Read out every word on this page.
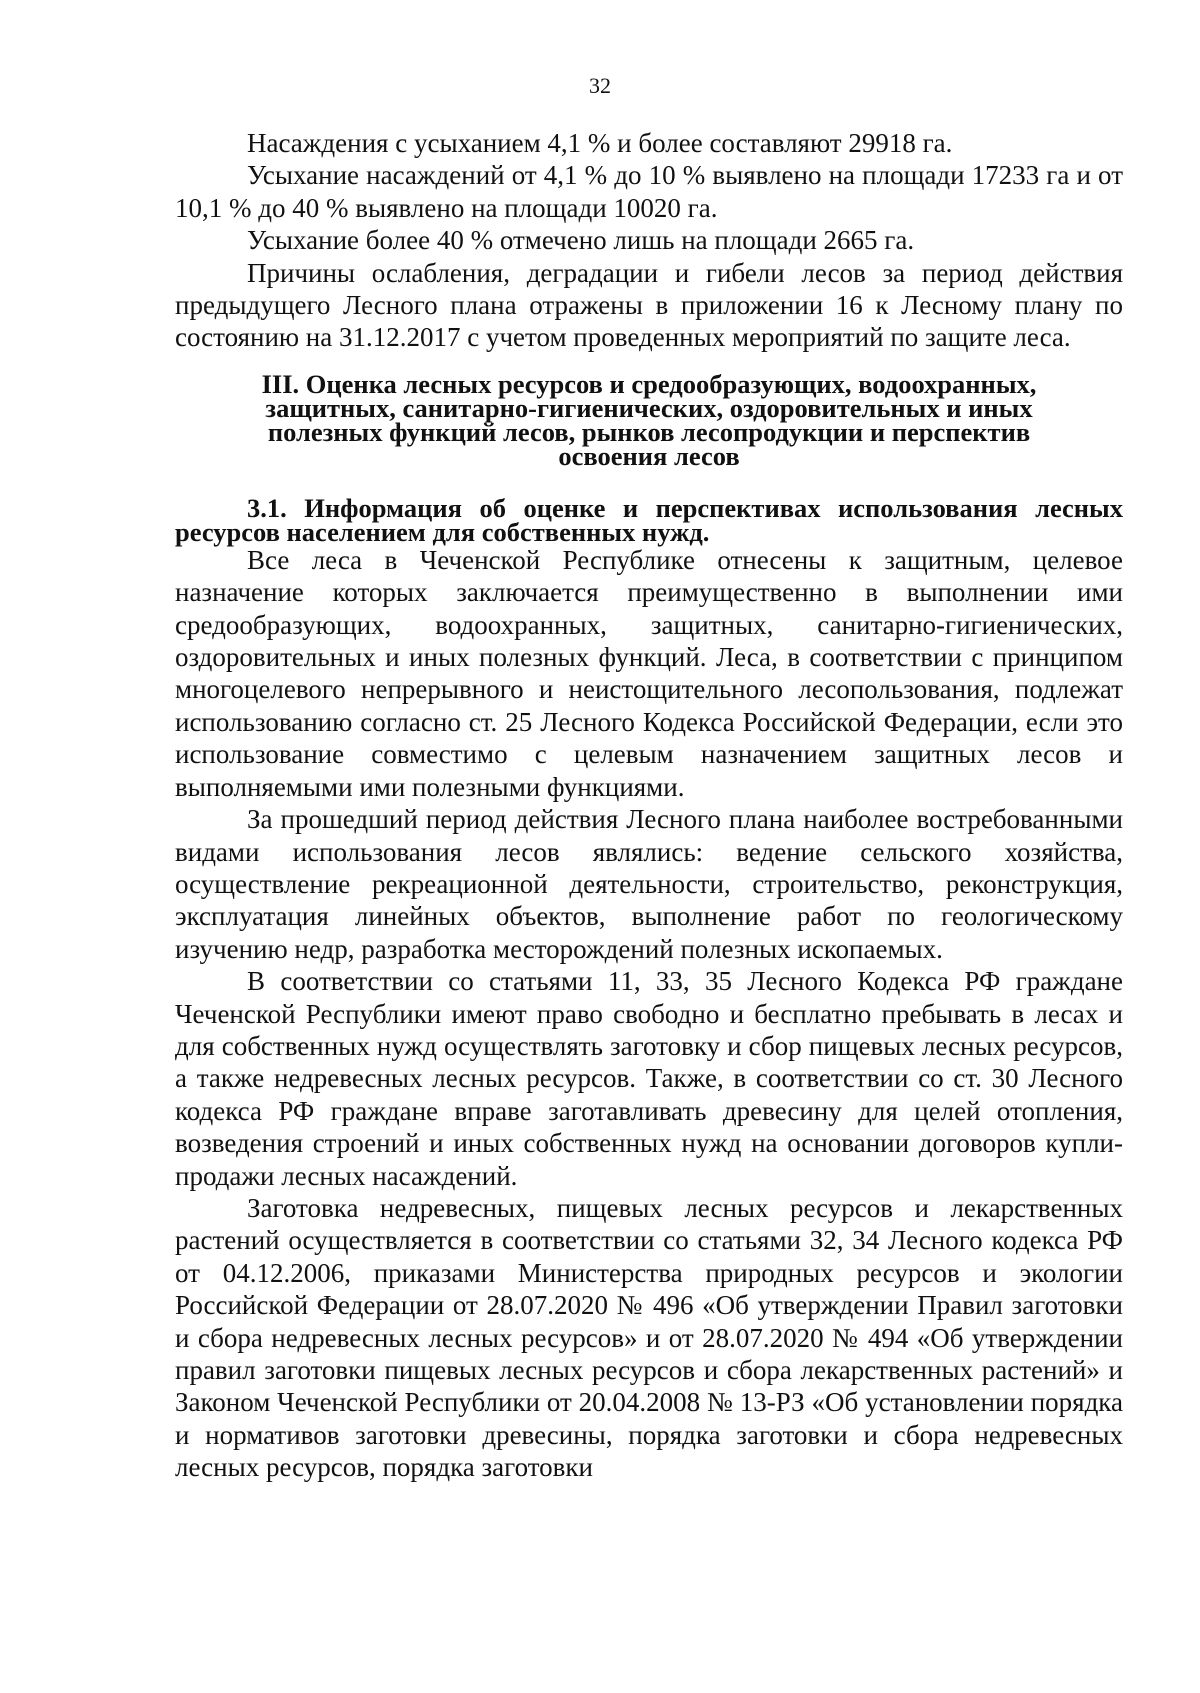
32

Насаждения с усыханием 4,1 % и более составляют 29918 га.

Усыхание насаждений от 4,1 % до 10 % выявлено на площади 17233 га и от 10,1 % до 40 % выявлено на площади 10020 га.

Усыхание более 40 % отмечено лишь на площади 2665 га.

Причины ослабления, деградации и гибели лесов за период действия предыдущего Лесного плана отражены в приложении 16 к Лесному плану по состоянию на 31.12.2017 с учетом проведенных мероприятий по защите леса.

III. Оценка лесных ресурсов и средообразующих, водоохранных,
защитных, санитарно-гигиенических, оздоровительных и иных
полезных функций лесов, рынков лесопродукции и перспектив
освоения лесов

3.1. Информация об оценке и перспективах использования лесных ресурсов населением для собственных нужд.

Все леса в Чеченской Республике отнесены к защитным, целевое назначение которых заключается преимущественно в выполнении ими средообразующих, водоохранных, защитных, санитарно-гигиенических, оздоровительных и иных полезных функций. Леса, в соответствии с принципом многоцелевого непрерывного и неистощительного лесопользования, подлежат использованию согласно ст. 25 Лесного Кодекса Российской Федерации, если это использование совместимо с целевым назначением защитных лесов и выполняемыми ими полезными функциями.

За прошедший период действия Лесного плана наиболее востребованными видами использования лесов являлись: ведение сельского хозяйства, осуществление рекреационной деятельности, строительство, реконструкция, эксплуатация линейных объектов, выполнение работ по геологическому изучению недр, разработка месторождений полезных ископаемых.

В соответствии со статьями 11, 33, 35 Лесного Кодекса РФ граждане Чеченской Республики имеют право свободно и бесплатно пребывать в лесах и для собственных нужд осуществлять заготовку и сбор пищевых лесных ресурсов, а также недревесных лесных ресурсов. Также, в соответствии со ст. 30 Лесного кодекса РФ граждане вправе заготавливать древесину для целей отопления, возведения строений и иных собственных нужд на основании договоров купли-продажи лесных насаждений.

Заготовка недревесных, пищевых лесных ресурсов и лекарственных растений осуществляется в соответствии со статьями 32, 34 Лесного кодекса РФ от 04.12.2006, приказами Министерства природных ресурсов и экологии Российской Федерации от 28.07.2020 № 496 «Об утверждении Правил заготовки и сбора недревесных лесных ресурсов» и от 28.07.2020 № 494 «Об утверждении правил заготовки пищевых лесных ресурсов и сбора лекарственных растений» и Законом Чеченской Республики от 20.04.2008 № 13-РЗ «Об установлении порядка и нормативов заготовки древесины, порядка заготовки и сбора недревесных лесных ресурсов, порядка заготовки
